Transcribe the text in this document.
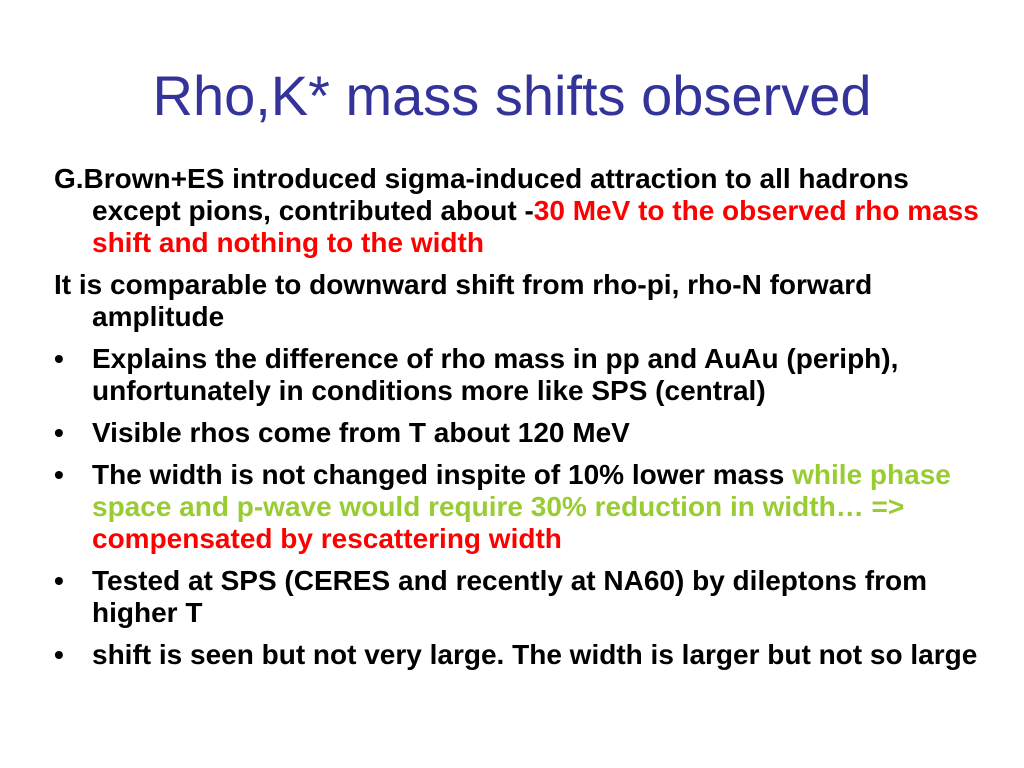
Rho,K* mass shifts observed
G.Brown+ES introduced sigma-induced attraction to all hadrons except pions, contributed about -30 MeV to the observed rho mass shift and nothing to the width
It is comparable to downward shift from rho-pi, rho-N forward amplitude
•	Explains the difference of rho mass in pp and AuAu (periph), unfortunately in conditions more like SPS (central)
•	Visible rhos come from T about 120 MeV
•	The width is not changed inspite of 10% lower mass while phase space and p-wave would require 30% reduction in width… => compensated by rescattering width
•	Tested at SPS (CERES and recently at NA60) by dileptons from higher T
•	shift is seen but not very large. The width is larger but not so large
